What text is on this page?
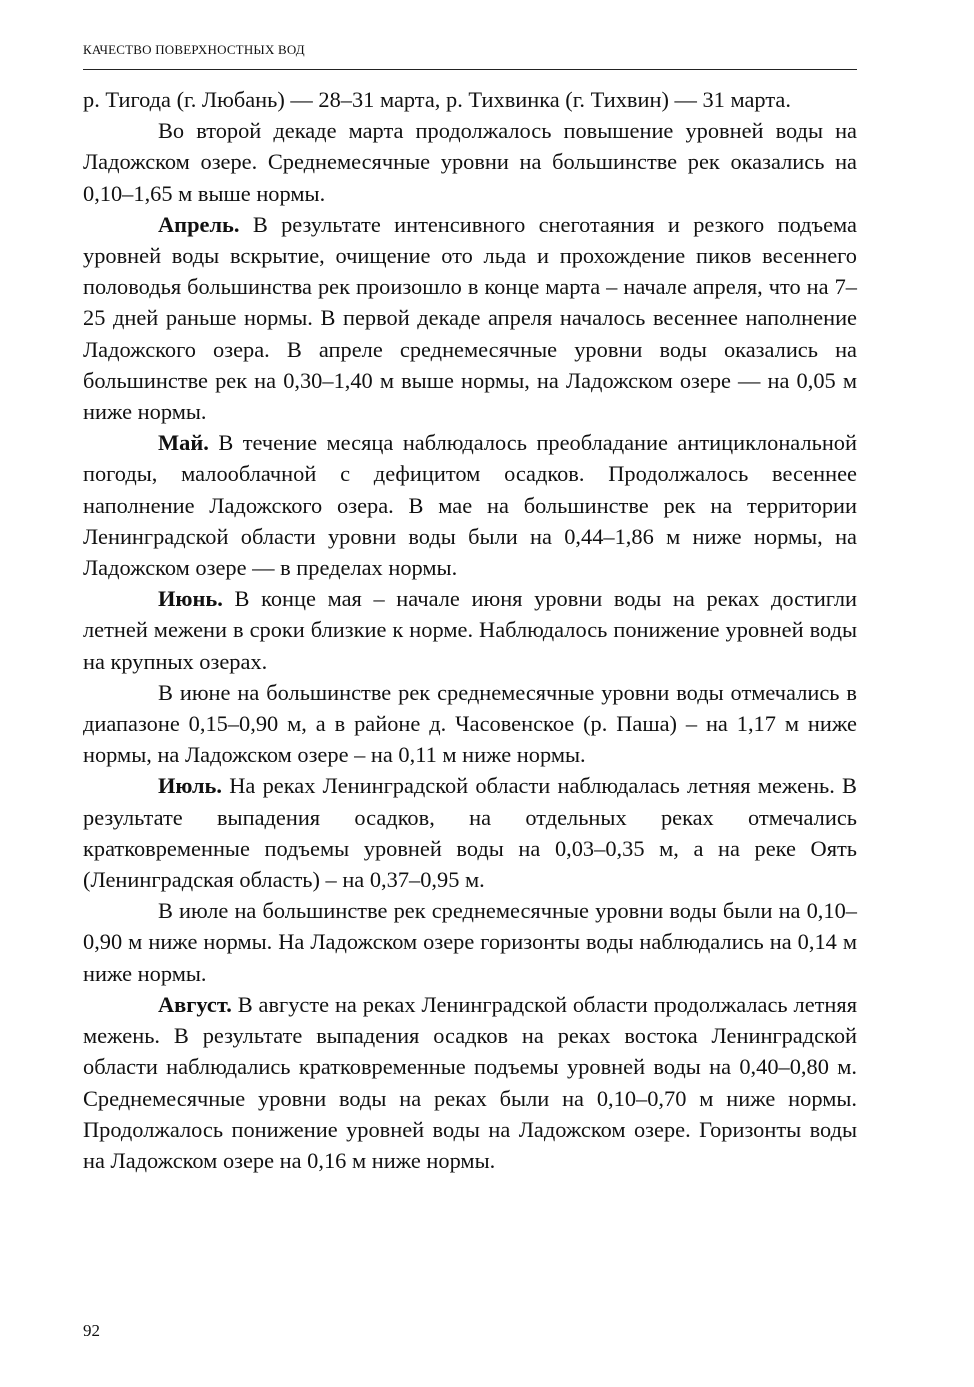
КАЧЕСТВО ПОВЕРХНОСТНЫХ ВОД

р. Тигода (г. Любань) — 28–31 марта, р. Тихвинка (г. Тихвин) — 31 марта.

Во второй декаде марта продолжалось повышение уровней воды на Ладожском озере. Среднемесячные уровни на большинстве рек оказались на 0,10–1,65 м выше нормы.

Апрель. В результате интенсивного снеготаяния и резкого подъема уровней воды вскрытие, очищение ото льда и прохождение пиков весеннего половодья большинства рек произошло в конце марта – начале апреля, что на 7–25 дней раньше нормы. В первой декаде апреля началось весеннее наполнение Ладожского озера. В апреле среднемесячные уровни воды оказались на большинстве рек на 0,30–1,40 м выше нормы, на Ладожском озере — на 0,05 м ниже нормы.

Май. В течение месяца наблюдалось преобладание антициклональной погоды, малооблачной с дефицитом осадков. Продолжалось весеннее наполнение Ладожского озера. В мае на большинстве рек на территории Ленинградской области уровни воды были на 0,44–1,86 м ниже нормы, на Ладожском озере — в пределах нормы.

Июнь. В конце мая – начале июня уровни воды на реках достигли летней межени в сроки близкие к норме. Наблюдалось понижение уровней воды на крупных озерах.

В июне на большинстве рек среднемесячные уровни воды отмечались в диапазоне 0,15–0,90 м, а в районе д. Часовенское (р. Паша) – на 1,17 м ниже нормы, на Ладожском озере – на 0,11 м ниже нормы.

Июль. На реках Ленинградской области наблюдалась летняя межень. В результате выпадения осадков, на отдельных реках отмечались кратковременные подъемы уровней воды на 0,03–0,35 м, а на реке Оять (Ленинградская область) – на 0,37–0,95 м.

В июле на большинстве рек среднемесячные уровни воды были на 0,10–0,90 м ниже нормы. На Ладожском озере горизонты воды наблюдались на 0,14 м ниже нормы.

Август. В августе на реках Ленинградской области продолжалась летняя межень. В результате выпадения осадков на реках востока Ленинградской области наблюдались кратковременные подъемы уровней воды на 0,40–0,80 м. Среднемесячные уровни воды на реках были на 0,10–0,70 м ниже нормы. Продолжалось понижение уровней воды на Ладожском озере. Горизонты воды на Ладожском озере на 0,16 м ниже нормы.

92
